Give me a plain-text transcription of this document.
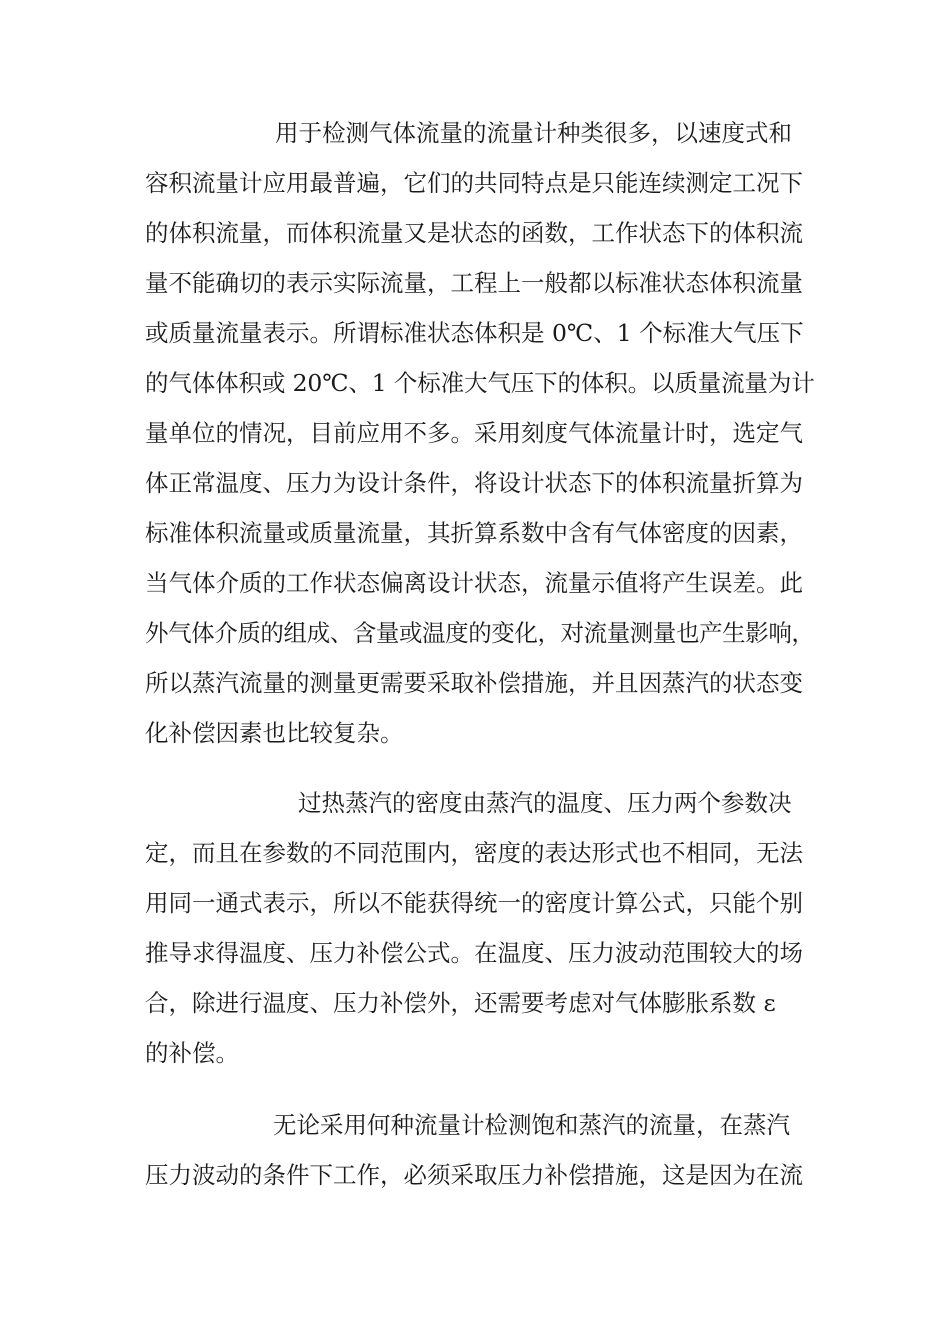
用于检测气体流量的流量计种类很多，以速度式和
容积流量计应用最普遍，它们的共同特点是只能连续测定工况下
的体积流量，而体积流量又是状态的函数，工作状态下的体积流
量不能确切的表示实际流量，工程上一般都以标准状态体积流量
或质量流量表示。所谓标准状态体积是 0℃、1 个标准大气压下
的气体体积或 20℃、1 个标准大气压下的体积。以质量流量为计
量单位的情况，目前应用不多。采用刻度气体流量计时，选定气
体正常温度、压力为设计条件，将设计状态下的体积流量折算为
标准体积流量或质量流量，其折算系数中含有气体密度的因素，
当气体介质的工作状态偏离设计状态，流量示值将产生误差。此
外气体介质的组成、含量或温度的变化，对流量测量也产生影响，
所以蒸汽流量的测量更需要采取补偿措施，并且因蒸汽的状态变
化补偿因素也比较复杂。
过热蒸汽的密度由蒸汽的温度、压力两个参数决
定，而且在参数的不同范围内，密度的表达形式也不相同，无法
用同一通式表示，所以不能获得统一的密度计算公式，只能个别
推导求得温度、压力补偿公式。在温度、压力波动范围较大的场
合，除进行温度、压力补偿外，还需要考虑对气体膨胀系数 ε
的补偿。
无论采用何种流量计检测饱和蒸汽的流量，在蒸汽
压力波动的条件下工作，必须采取压力补偿措施，这是因为在流
